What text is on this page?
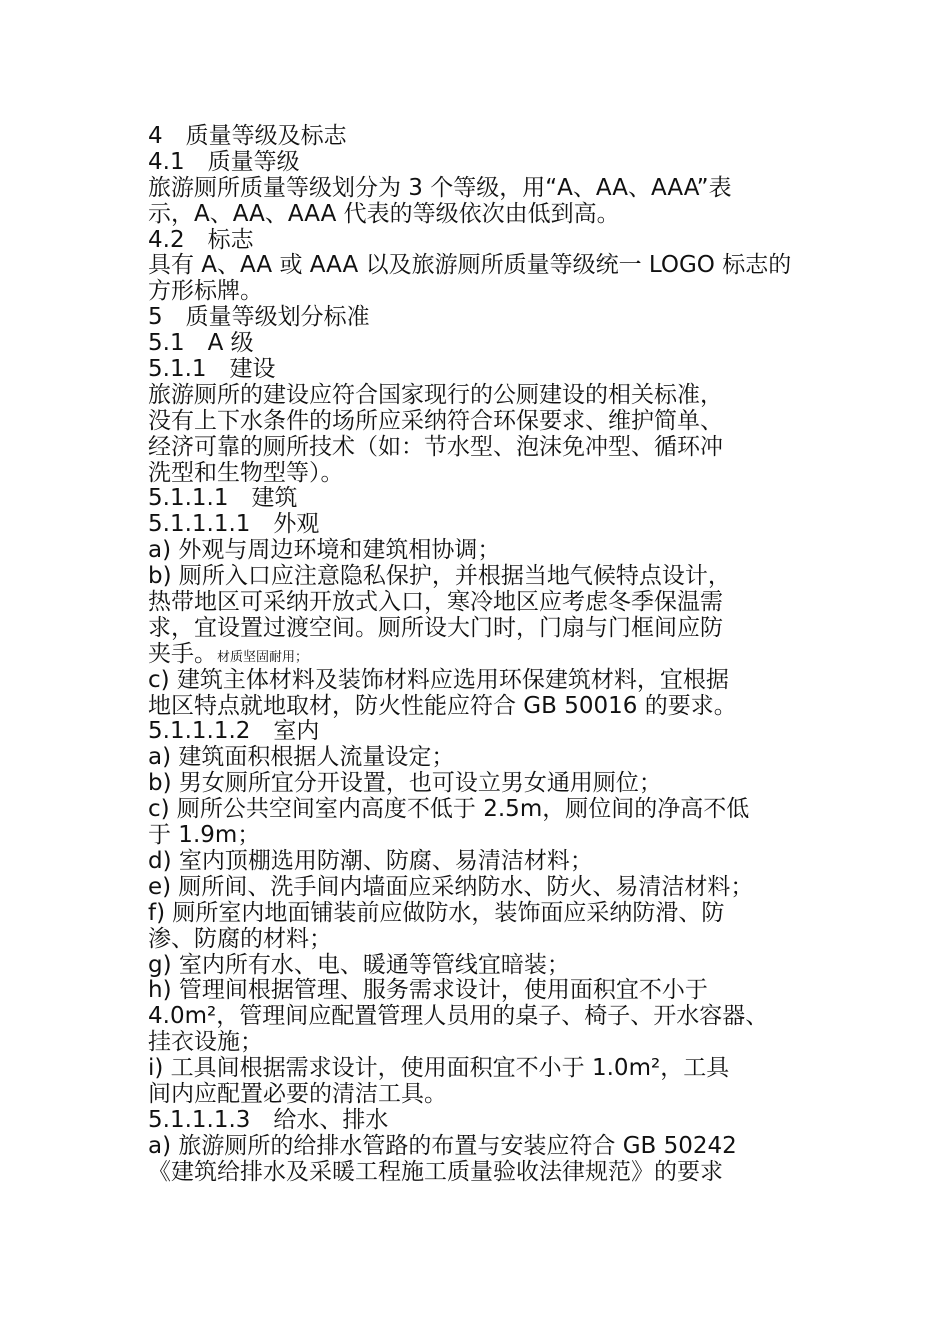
4　质量等级及标志
4.1　质量等级
旅游厕所质量等级划分为 3 个等级，用“A、AA、AAA”表
示，A、AA、AAA 代表的等级依次由低到高。
4.2　标志
具有 A、AA 或 AAA 以及旅游厕所质量等级统一 LOGO 标志的
方形标牌。
5　质量等级划分标准
5.1　A 级
5.1.1　建设
旅游厕所的建设应符合国家现行的公厕建设的相关标准，
没有上下水条件的场所应采纳符合环保要求、维护简单、
经济可靠的厕所技术（如：节水型、泡沫免冲型、循环冲
洗型和生物型等）。
5.1.1.1　建筑
5.1.1.1.1　外观
a) 外观与周边环境和建筑相协调；
b) 厕所入口应注意隐私保护，并根据当地气候特点设计，
热带地区可采纳开放式入口，寒冷地区应考虑冬季保温需
求，宜设置过渡空间。厕所设大门时，门扇与门框间应防
夹手。材质坚固耐用；
c) 建筑主体材料及装饰材料应选用环保建筑材料，宜根据
地区特点就地取材，防火性能应符合 GB 50016 的要求。
5.1.1.1.2　室内
a) 建筑面积根据人流量设定；
b) 男女厕所宜分开设置，也可设立男女通用厕位；
c) 厕所公共空间室内高度不低于 2.5m，厕位间的净高不低
于 1.9m；
d) 室内顶棚选用防潮、防腐、易清洁材料；
e) 厕所间、洗手间内墙面应采纳防水、防火、易清洁材料；
f) 厕所室内地面铺装前应做防水，装饰面应采纳防滑、防
渗、防腐的材料；
g) 室内所有水、电、暖通等管线宜暗装；
h) 管理间根据管理、服务需求设计，使用面积宜不小于
4.0m²，管理间应配置管理人员用的桌子、椅子、开水容器、
挂衣设施；
i) 工具间根据需求设计，使用面积宜不小于 1.0m²，工具
间内应配置必要的清洁工具。
5.1.1.1.3　给水、排水
a) 旅游厕所的给排水管路的布置与安装应符合 GB 50242
《建筑给排水及采暖工程施工质量验收法律规范》的要求
